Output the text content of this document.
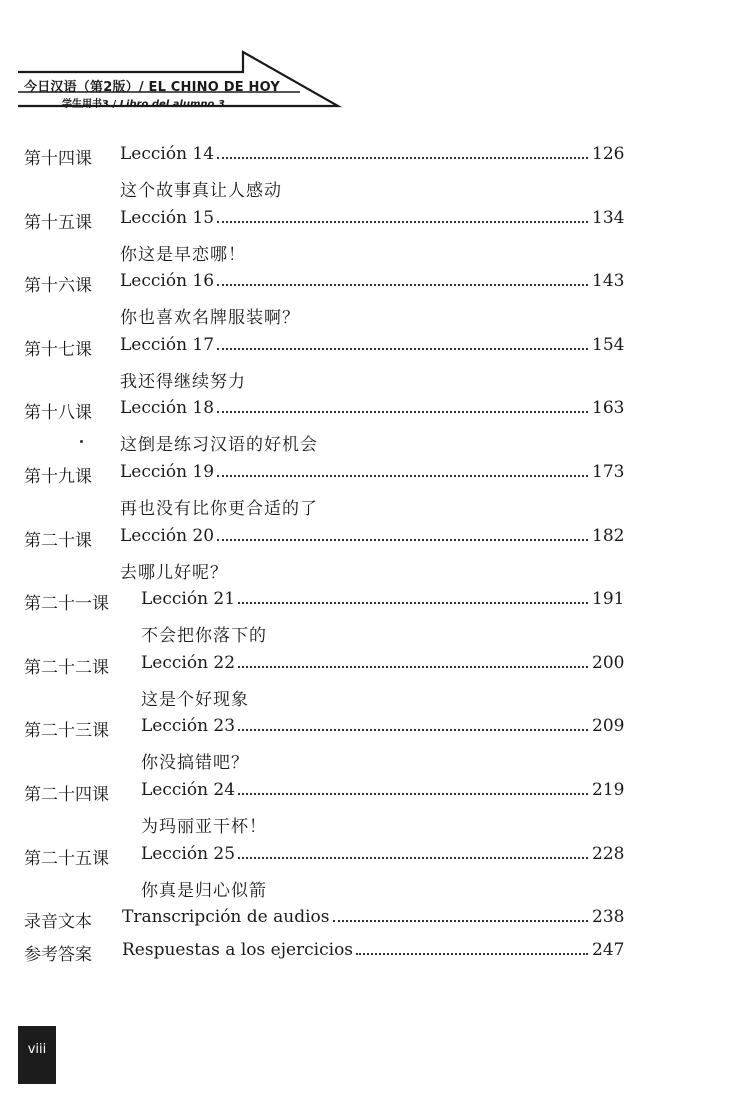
今日汉语（第2版）/ EL CHINO DE HOY
学生用书3 / Libro del alumno 3
第十四课 Lección 14	126
这个故事真让人感动
第十五课 Lección 15	134
你这是早恋哪！
第十六课 Lección 16	143
你也喜欢名牌服装啊？
第十七课 Lección 17	154
我还得继续努力
第十八课 Lección 18	163
这倒是练习汉语的好机会
第十九课 Lección 19	173
再也没有比你更合适的了
第二十课 Lección 20	182
去哪儿好呢？
第二十一课 Lección 21	191
不会把你落下的
第二十二课 Lección 22	200
这是个好现象
第二十三课 Lección 23	209
你没搞错吧？
第二十四课 Lección 24	219
为玛丽亚干杯！
第二十五课 Lección 25	228
你真是归心似箭
录音文本 Transcripción de audios	238
参考答案 Respuestas a los ejercicios	247
viii
